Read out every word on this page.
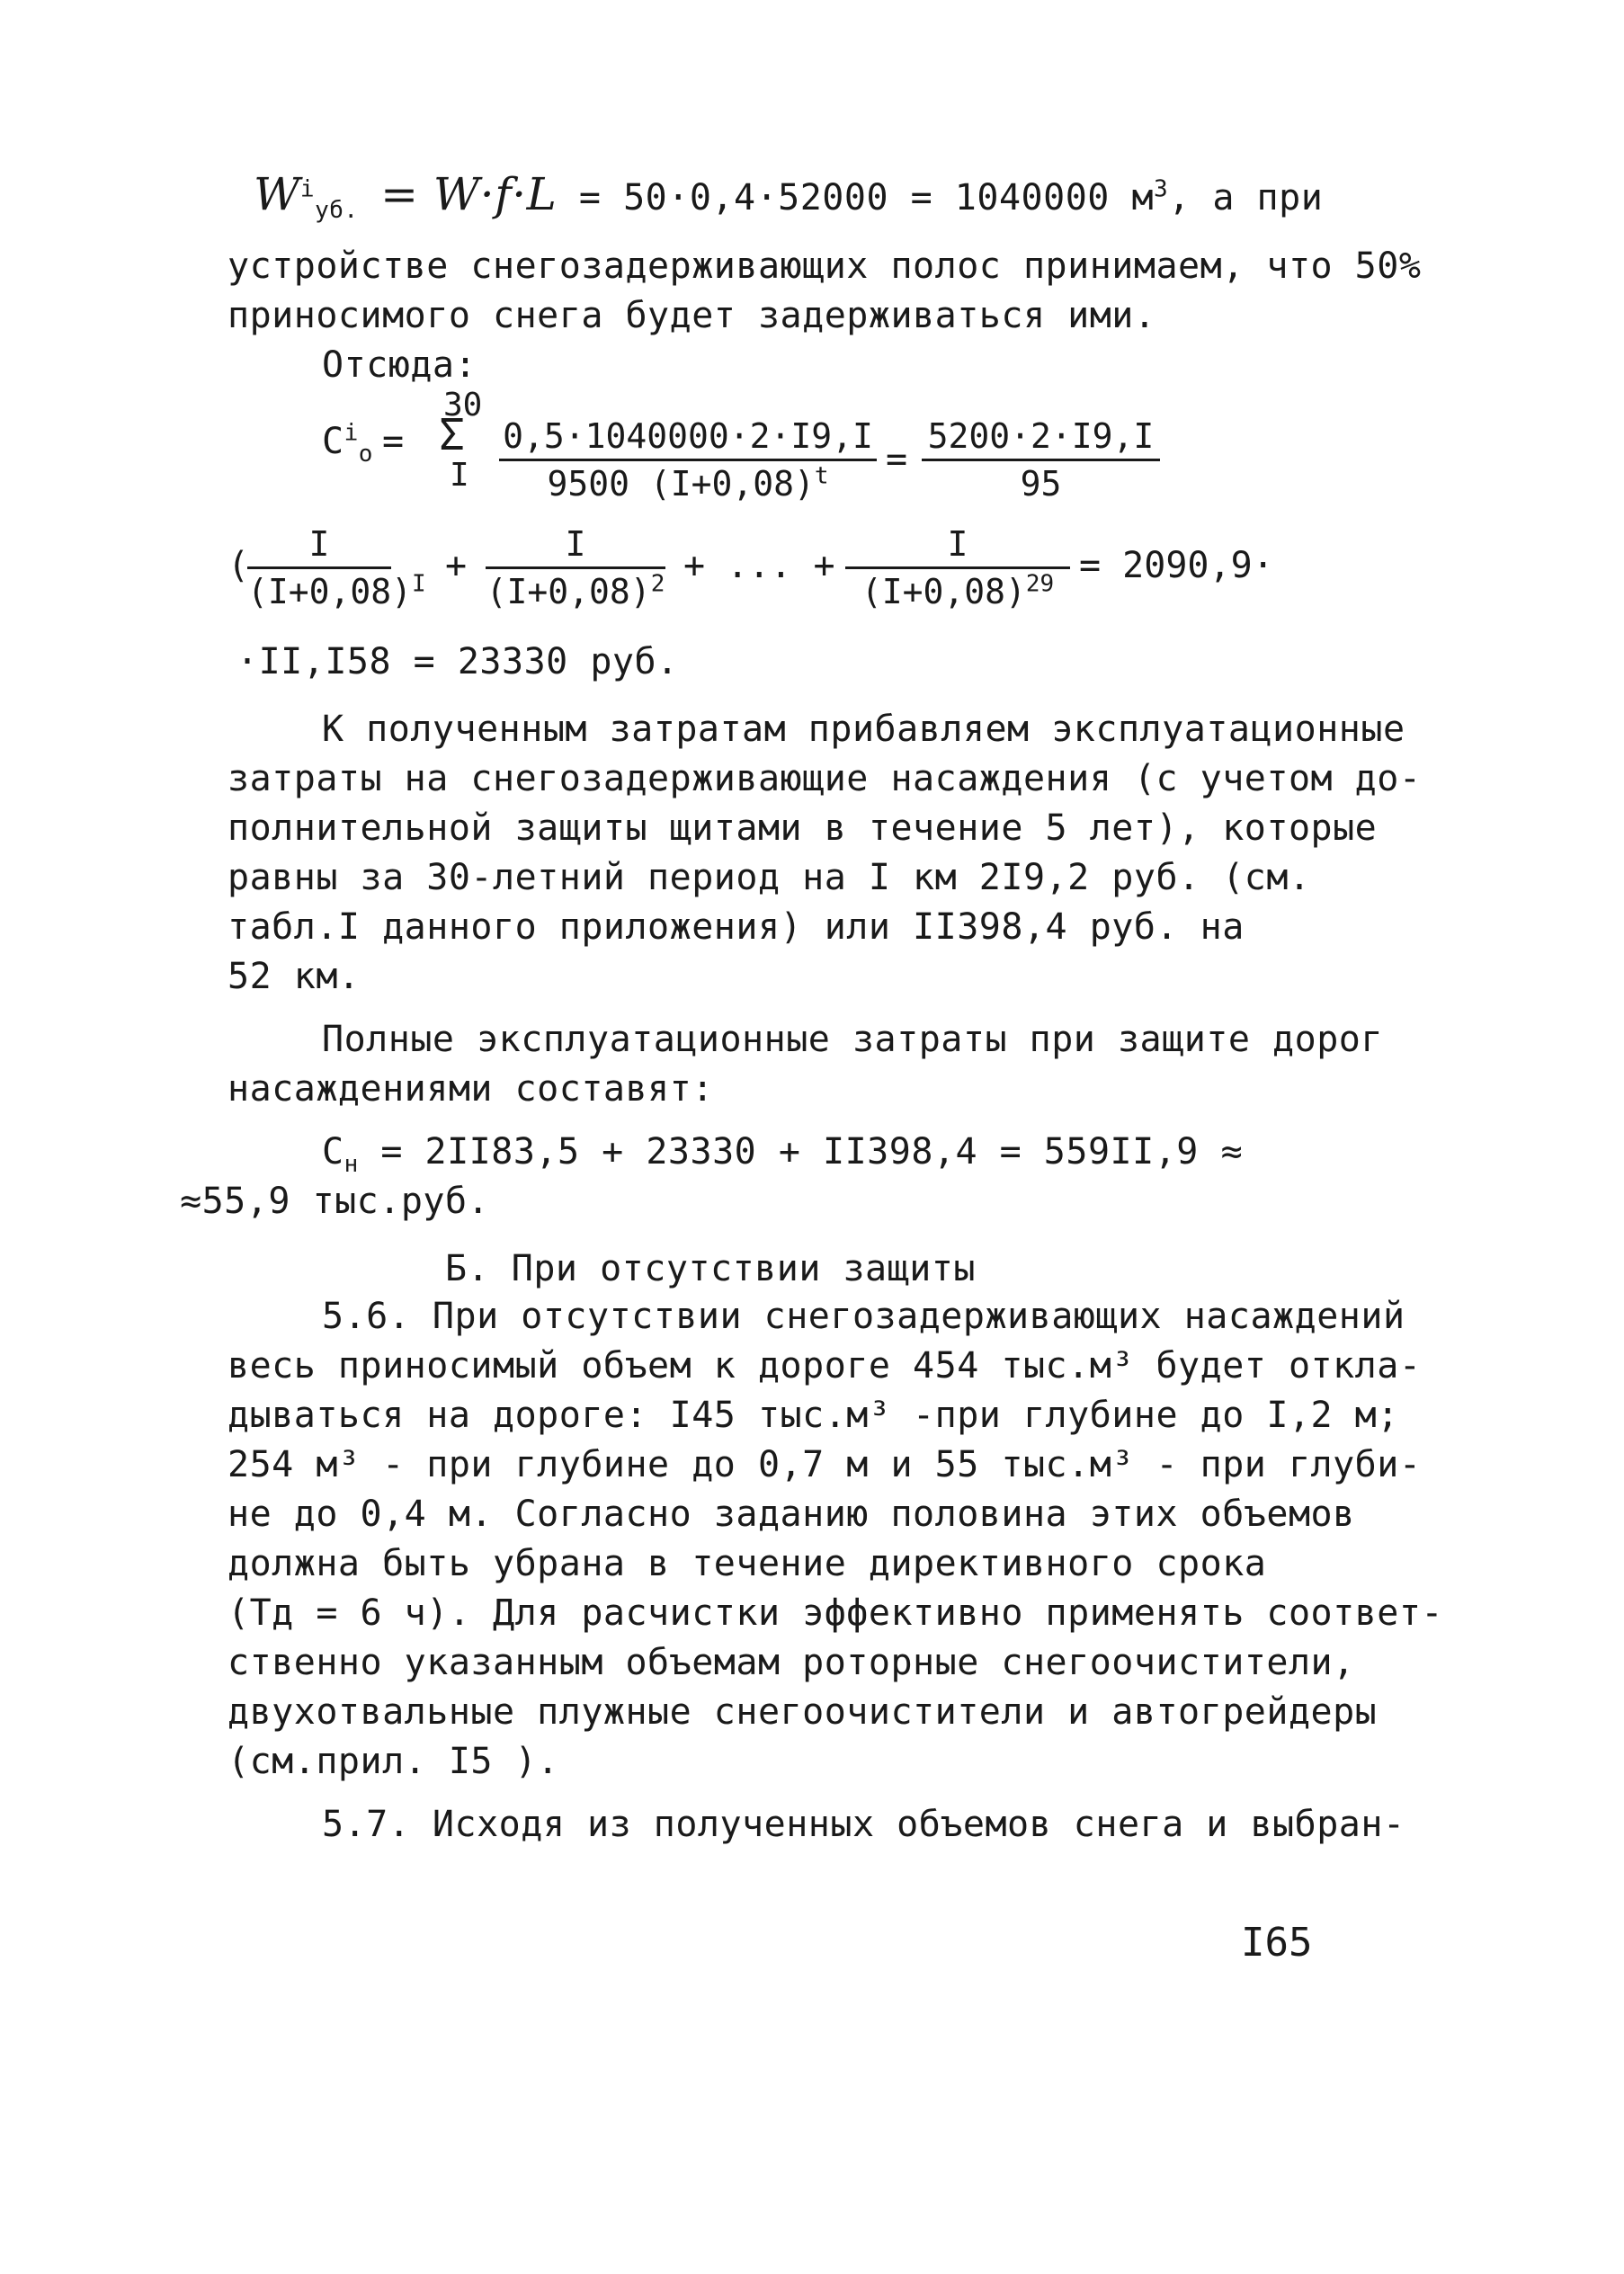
$W^i_{уб.} = W\cdot f\cdot L = 50\cdot 0,4\cdot 52000 = 1040000$ $м^3$, а при
устройстве снегозадерживающих полос принимаем, что 50%
приносимого снега будет задерживаться ими.
Отсюда:
$C^i_o$ =
30
Σ
I $\frac{0,5\cdot 1040000\cdot 2\cdot I9,I}{9500 (I+0,08)^t} = \frac{5200\cdot 2\cdot I9,I}{95}$
(
$\frac{I}{(I+0,08)^I} + \frac{I}{(I+0,08)^2}$ + ... + $\frac{I}{(I+0,08)^{29}} = 2090,9\cdot$
·II,I58 = 23330 руб.
К полученным затратам прибавляем эксплуатационные
затраты на снегозадерживающие насаждения (с учетом до-
полнительной защиты щитами в течение 5 лет), которые
равны за 30-летний период на I км 2I9,2 руб. (см.
табл.I данного приложения) или II398,4 руб. на
52 км.
Полные эксплуатационные затраты при защите дорог
насаждениями составят:
$C_н = 2II83,5 + 23330 + II398,4 = 559II,9$ ≈
≈55,9 тыс.руб.
Б. При отсутствии защиты
5.6. При отсутствии снегозадерживающих насаждений
весь приносимый объем к дороге 454 тыс.м³ будет откла-
дываться на дороге: I45 тыс.м³ -при глубине до I,2 м;
254 м³ - при глубине до 0,7 м и 55 тыс.м³ - при глуби-
не до 0,4 м. Согласно заданию половина этих объемов
должна быть убрана в течение директивного срока
(Тд = 6 ч). Для расчистки эффективно применять соответ-
ственно указанным объемам роторные снегоочистители,
двухотвальные плужные снегоочистители и автогрейдеры
(см.прил. I5 ).
5.7. Исходя из полученных объемов снега и выбран-
I65
